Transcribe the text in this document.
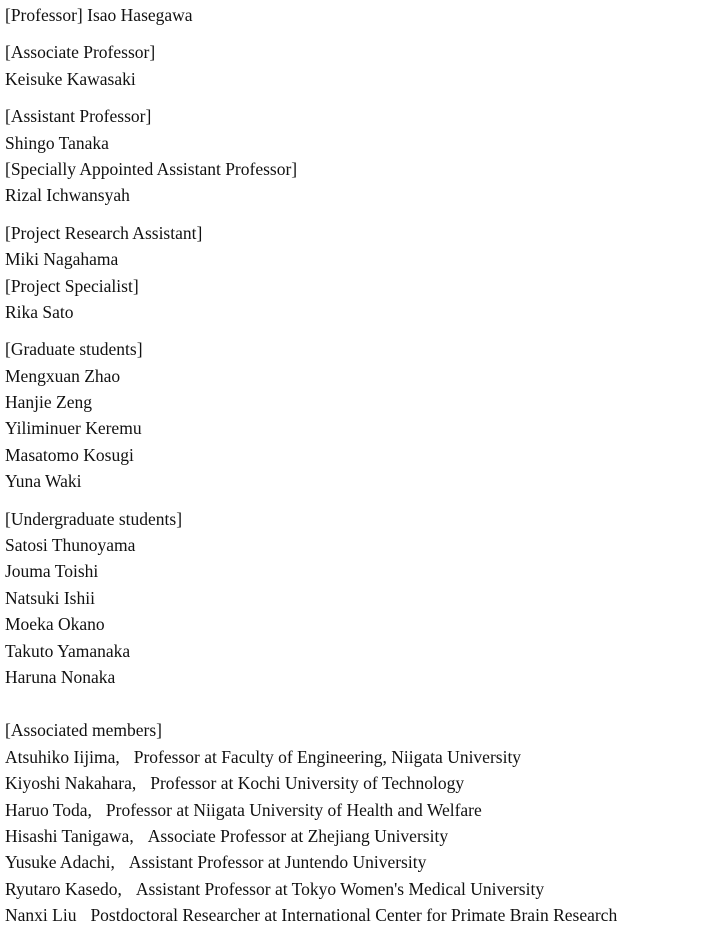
[Professor] Isao Hasegawa
[Associate Professor]
Keisuke Kawasaki
[Assistant Professor]
Shingo Tanaka
[Specially Appointed Assistant Professor]
Rizal Ichwansyah
[Project Research Assistant]
Miki Nagahama
[Project Specialist]
Rika Sato
[Graduate students]
Mengxuan Zhao
Hanjie Zeng
Yiliminuer Keremu
Masatomo Kosugi
Yuna Waki
[Undergraduate students]
Satosi Thunoyama
Jouma Toishi
Natsuki Ishii
Moeka Okano
Takuto Yamanaka
Haruna Nonaka
[Associated members]
Atsuhiko Iijima, Professor at Faculty of Engineering, Niigata University
Kiyoshi Nakahara, Professor at Kochi University of Technology
Haruo Toda, Professor at Niigata University of Health and Welfare
Hisashi Tanigawa, Associate Professor at Zhejiang University
Yusuke Adachi, Assistant Professor at Juntendo University
Ryutaro Kasedo, Assistant Professor at Tokyo Women's Medical University
Nanxi Liu Postdoctoral Researcher at International Center for Primate Brain Research
